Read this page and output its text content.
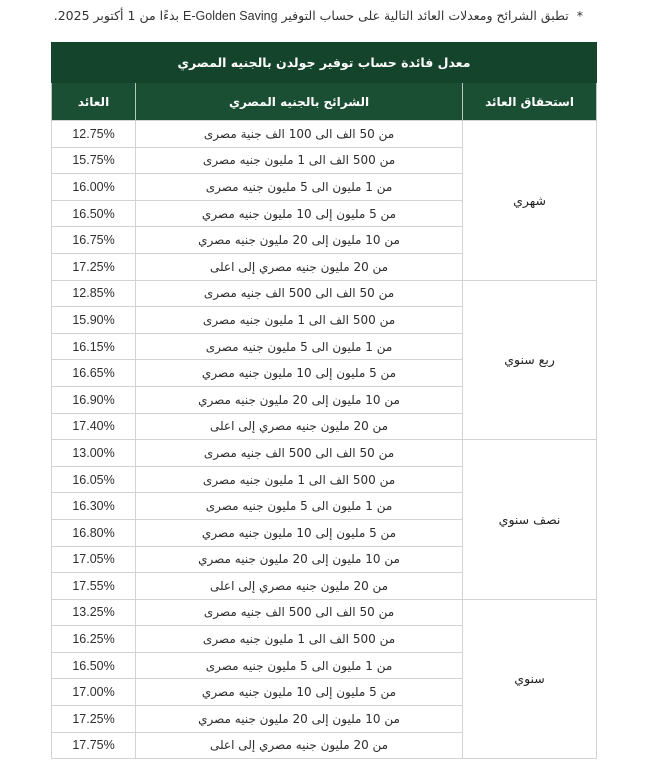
* تطبق الشرائح ومعدلات العائد التالية على حساب التوفير E-Golden Saving بدءًا من 1 أكتوبر 2025.
معدل فائدة حساب توفير جولدن بالجنيه المصري		
استحقاق العائد	الشرائح بالجنيه المصري	العائد
شهري	من 50 الف الى 100 الف جنية مصرى	12.75%
	من 500 الف الى 1 مليون جنيه مصرى	15.75%
	من 1 مليون الى 5 مليون جنيه مصرى	16.00%
	من 5 مليون إلى 10 مليون جنيه مصري	16.50%
	من 10 مليون إلى 20 مليون جنيه مصري	16.75%
	من 20 مليون جنيه مصري إلى اعلى	17.25%
ربع سنوي	من 50 الف الى 500 الف جنيه مصرى	12.85%
	من 500 الف الى 1 مليون جنيه مصرى	15.90%
	من 1 مليون الى 5 مليون جنيه مصرى	16.15%
	من 5 مليون إلى 10 مليون جنيه مصري	16.65%
	من 10 مليون إلى 20 مليون جنيه مصري	16.90%
	من 20 مليون جنيه مصري إلى اعلى	17.40%
نصف سنوي	من 50 الف الى 500 الف جنيه مصرى	13.00%
	من 500 الف الى 1 مليون جنيه مصرى	16.05%
	من 1 مليون الى 5 مليون جنيه مصرى	16.30%
	من 5 مليون إلى 10 مليون جنيه مصري	16.80%
	من 10 مليون إلى 20 مليون جنيه مصري	17.05%
	من 20 مليون جنيه مصري إلى اعلى	17.55%
سنوي	من 50 الف الى 500 الف جنيه مصرى	13.25%
	من 500 الف الى 1 مليون جنيه مصرى	16.25%
	من 1 مليون الى 5 مليون جنيه مصرى	16.50%
	من 5 مليون إلى 10 مليون جنيه مصري	17.00%
	من 10 مليون إلى 20 مليون جنيه مصري	17.25%
	من 20 مليون جنيه مصري إلى اعلى	17.75%
